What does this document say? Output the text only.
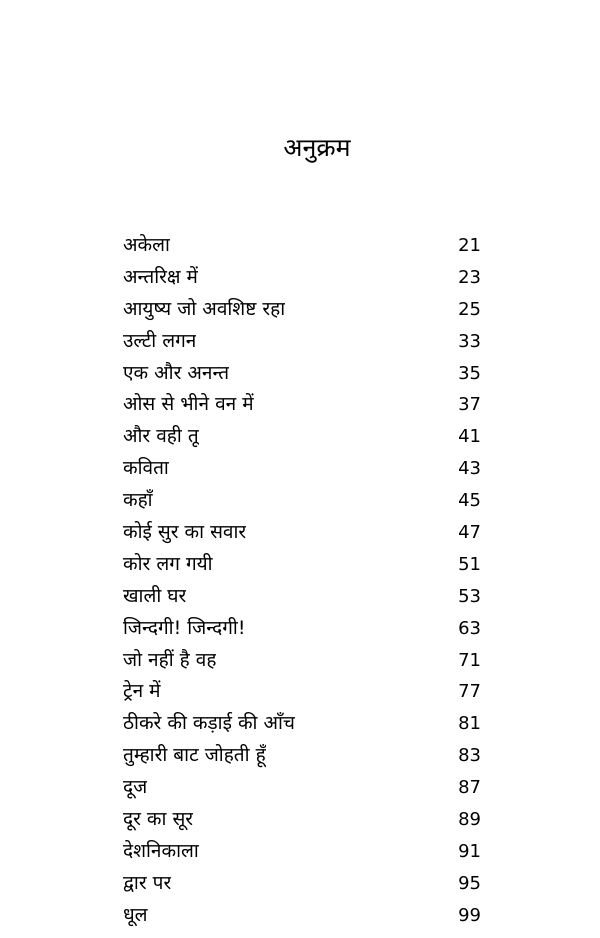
अनुक्रम
अकेला	21
अन्तरिक्ष में	23
आयुष्य जो अवशिष्ट रहा	25
उल्टी लगन	33
एक और अनन्त	35
ओस से भीने वन में	37
और वही तू	41
कविता	43
कहाँ	45
कोई सुर का सवार	47
कोर लग गयी	51
खाली घर	53
जिन्दगी! जिन्दगी!	63
जो नहीं है वह	71
ट्रेन में	77
ठीकरे की कड़ाई की आँच	81
तुम्हारी बाट जोहती हूँ	83
दूज	87
दूर का सूर	89
देशनिकाला	91
द्वार पर	95
धूल	99
